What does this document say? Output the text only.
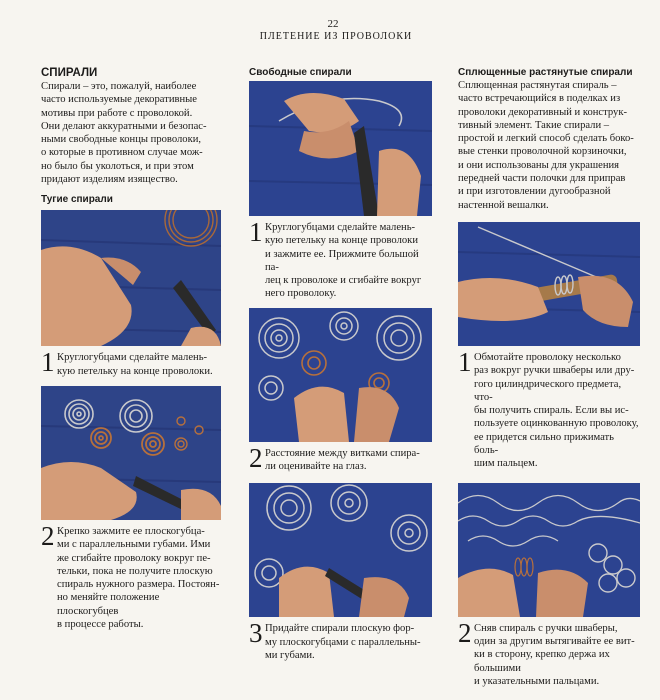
22
ПЛЕТЕНИЕ ИЗ ПРОВОЛОКИ
СПИРАЛИ

Спирали – это, пожалуй, наиболее
часто используемые декоративные
мотивы при работе с проволокой.
Они делают аккуратными и безопас-
ными свободные концы проволоки,
о которые в противном случае мож-
но было бы уколоться, и при этом
придают изделиям изящество.

Тугие спирали
1 Круглогубцами сделайте малень-
кую петельку на конце проволоки.
2 Крепко зажмите ее плоскогубца-
ми с параллельными губами. Ими
же сгибайте проволоку вокруг пе-
тельки, пока не получите плоскую
спираль нужного размера. Постоян-
но меняйте положение плоскогубцев
в процессе работы.
Свободные спирали
1 Круглогубцами сделайте малень-
кую петельку на конце проволоки
и зажмите ее. Прижмите большой па-
лец к проволоке и сгибайте вокруг
него проволоку.
2 Расстояние между витками спира-
ли оценивайте на глаз.
3 Придайте спирали плоскую фор-
му плоскогубцами с параллельны-
ми губами.
Сплющенные растянутые спирали

Сплющенная растянутая спираль –
часто встречающийся в поделках из
проволоки декоративный и конструк-
тивный элемент. Такие спирали –
простой и легкий способ сделать боко-
вые стенки проволочной корзиночки,
и они использованы для украшения
передней части полочки для приправ
и при изготовлении дугообразной
настенной вешалки.

1 Обмотайте проволоку несколько
раз вокруг ручки шваберы или дру-
гого цилиндрического предмета, что-
бы получить спираль. Если вы ис-
пользуете оцинкованную проволоку,
ее придется сильно прижимать боль-
шим пальцем.
2 Сняв спираль с ручки шваберы,
один за другим вытягивайте ее вит-
ки в сторону, крепко держа их большими
и указательными пальцами.
